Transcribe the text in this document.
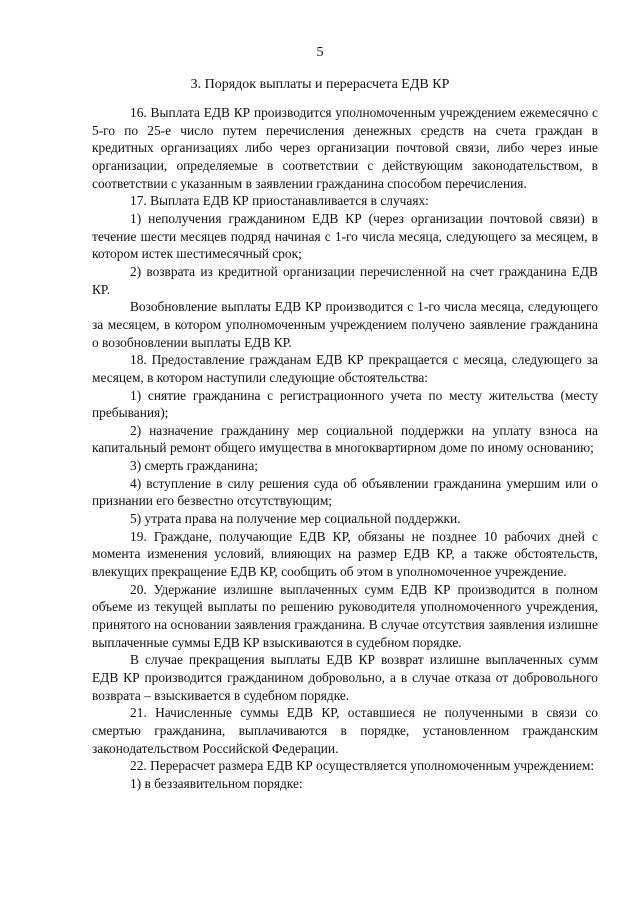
5
3. Порядок выплаты и перерасчета ЕДВ КР

16. Выплата ЕДВ КР производится уполномоченным учреждением ежемесячно с 5-го по 25-е число путем перечисления денежных средств на счета граждан в кредитных организациях либо через организации почтовой связи, либо через иные организации, определяемые в соответствии с действующим законодательством, в соответствии с указанным в заявлении гражданина способом перечисления.

17. Выплата ЕДВ КР приостанавливается в случаях:

1) неполучения гражданином ЕДВ КР (через организации почтовой связи) в течение шести месяцев подряд начиная с 1-го числа месяца, следующего за месяцем, в котором истек шестимесячный срок;

2) возврата из кредитной организации перечисленной на счет гражданина ЕДВ КР.

Возобновление выплаты ЕДВ КР производится с 1-го числа месяца, следующего за месяцем, в котором уполномоченным учреждением получено заявление гражданина о возобновлении выплаты ЕДВ КР.

18. Предоставление гражданам ЕДВ КР прекращается с месяца, следующего за месяцем, в котором наступили следующие обстоятельства:

1) снятие гражданина с регистрационного учета по месту жительства (месту пребывания);

2) назначение гражданину мер социальной поддержки на уплату взноса на капитальный ремонт общего имущества в многоквартирном доме по иному основанию;

3) смерть гражданина;

4) вступление в силу решения суда об объявлении гражданина умершим или о признании его безвестно отсутствующим;

5) утрата права на получение мер социальной поддержки.

19. Граждане, получающие ЕДВ КР, обязаны не позднее 10 рабочих дней с момента изменения условий, влияющих на размер ЕДВ КР, а также обстоятельств, влекущих прекращение ЕДВ КР, сообщить об этом в уполномоченное учреждение.

20. Удержание излишне выплаченных сумм ЕДВ КР производится в полном объеме из текущей выплаты по решению руководителя уполномоченного учреждения, принятого на основании заявления гражданина. В случае отсутствия заявления излишне выплаченные суммы ЕДВ КР взыскиваются в судебном порядке.

В случае прекращения выплаты ЕДВ КР возврат излишне выплаченных сумм ЕДВ КР производится гражданином добровольно, а в случае отказа от добровольного возврата – взыскивается в судебном порядке.

21. Начисленные суммы ЕДВ КР, оставшиеся не полученными в связи со смертью гражданина, выплачиваются в порядке, установленном гражданским законодательством Российской Федерации.

22. Перерасчет размера ЕДВ КР осуществляется уполномоченным учреждением:

1) в беззаявительном порядке:
